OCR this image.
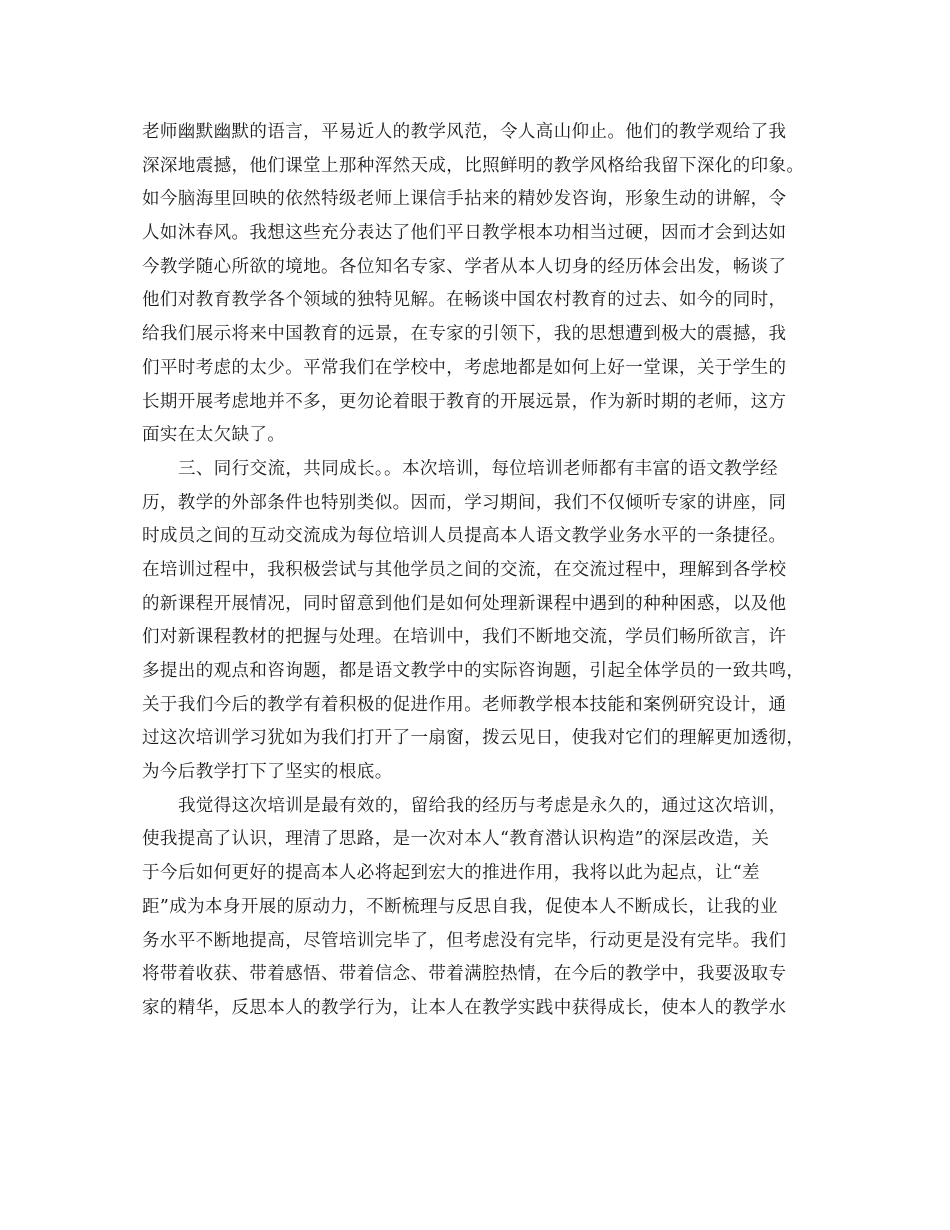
老师幽默幽默的语言，平易近人的教学风范，令人高山仰止。他们的教学观给了我
深深地震撼，他们课堂上那种浑然天成，比照鲜明的教学风格给我留下深化的印象。
如今脑海里回映的依然特级老师上课信手拈来的精妙发咨询，形象生动的讲解，令
人如沐春风。我想这些充分表达了他们平日教学根本功相当过硬，因而才会到达如
今教学随心所欲的境地。各位知名专家、学者从本人切身的经历体会出发，畅谈了
他们对教育教学各个领域的独特见解。在畅谈中国农村教育的过去、如今的同时，
给我们展示将来中国教育的远景，在专家的引领下，我的思想遭到极大的震撼，我
们平时考虑的太少。平常我们在学校中，考虑地都是如何上好一堂课，关于学生的
长期开展考虑地并不多，更勿论着眼于教育的开展远景，作为新时期的老师，这方
面实在太欠缺了。
三、同行交流，共同成长。。本次培训，每位培训老师都有丰富的语文教学经
历，教学的外部条件也特别类似。因而，学习期间，我们不仅倾听专家的讲座，同
时成员之间的互动交流成为每位培训人员提高本人语文教学业务水平的一条捷径。
在培训过程中，我积极尝试与其他学员之间的交流，在交流过程中，理解到各学校
的新课程开展情况，同时留意到他们是如何处理新课程中遇到的种种困惑，以及他
们对新课程教材的把握与处理。在培训中，我们不断地交流，学员们畅所欲言，许
多提出的观点和咨询题，都是语文教学中的实际咨询题，引起全体学员的一致共鸣，
关于我们今后的教学有着积极的促进作用。老师教学根本技能和案例研究设计，通
过这次培训学习犹如为我们打开了一扇窗，拨云见日，使我对它们的理解更加透彻，
为今后教学打下了坚实的根底。
我觉得这次培训是最有效的，留给我的经历与考虑是永久的，通过这次培训，
使我提高了认识，理清了思路，是一次对本人“教育潜认识构造”的深层改造，关
于今后如何更好的提高本人必将起到宏大的推进作用，我将以此为起点，让“差
距”成为本身开展的原动力，不断梳理与反思自我，促使本人不断成长，让我的业
务水平不断地提高，尽管培训完毕了，但考虑没有完毕，行动更是没有完毕。我们
将带着收获、带着感悟、带着信念、带着满腔热情，在今后的教学中，我要汲取专
家的精华，反思本人的教学行为，让本人在教学实践中获得成长，使本人的教学水
